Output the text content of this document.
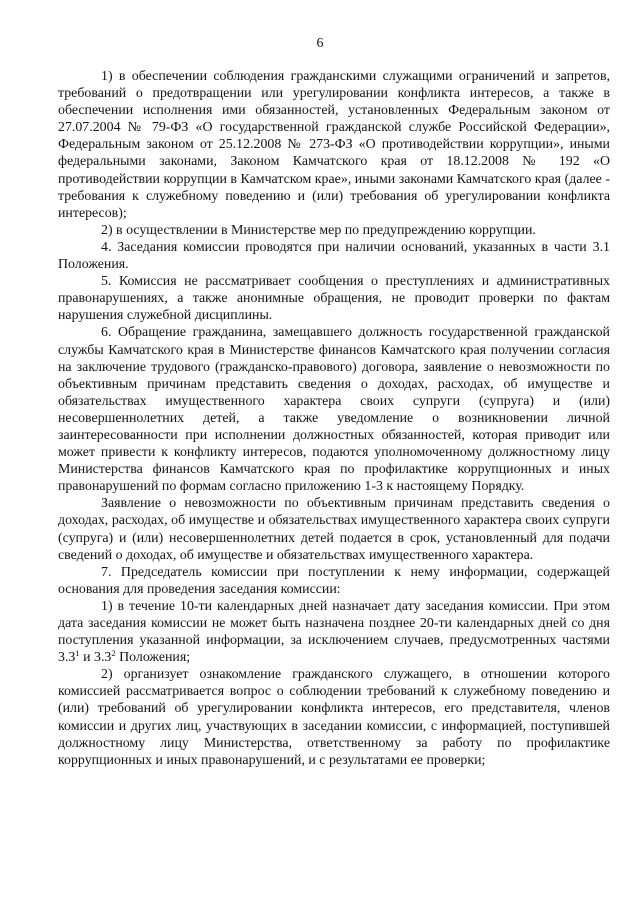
6

1) в обеспечении соблюдения гражданскими служащими ограничений и запретов, требований о предотвращении или урегулировании конфликта интересов, а также в обеспечении исполнения ими обязанностей, установленных Федеральным законом от 27.07.2004 № 79-ФЗ «О государственной гражданской службе Российской Федерации», Федеральным законом от 25.12.2008 № 273-ФЗ «О противодействии коррупции», иными федеральными законами, Законом Камчатского края от 18.12.2008 № 192 «О противодействии коррупции в Камчатском крае», иными законами Камчатского края (далее - требования к служебному поведению и (или) требования об урегулировании конфликта интересов);

2) в осуществлении в Министерстве мер по предупреждению коррупции.

4. Заседания комиссии проводятся при наличии оснований, указанных в части 3.1 Положения.

5. Комиссия не рассматривает сообщения о преступлениях и административных правонарушениях, а также анонимные обращения, не проводит проверки по фактам нарушения служебной дисциплины.

6. Обращение гражданина, замещавшего должность государственной гражданской службы Камчатского края в Министерстве финансов Камчатского края получении согласия на заключение трудового (гражданско-правового) договора, заявление о невозможности по объективным причинам представить сведения о доходах, расходах, об имуществе и обязательствах имущественного характера своих супруги (супруга) и (или) несовершеннолетних детей, а также уведомление о возникновении личной заинтересованности при исполнении должностных обязанностей, которая приводит или может привести к конфликту интересов, подаются уполномоченному должностному лицу Министерства финансов Камчатского края по профилактике коррупционных и иных правонарушений по формам согласно приложению 1-3 к настоящему Порядку.

Заявление о невозможности по объективным причинам представить сведения о доходах, расходах, об имуществе и обязательствах имущественного характера своих супруги (супруга) и (или) несовершеннолетних детей подается в срок, установленный для подачи сведений о доходах, об имуществе и обязательствах имущественного характера.

7. Председатель комиссии при поступлении к нему информации, содержащей основания для проведения заседания комиссии:

1) в течение 10-ти календарных дней назначает дату заседания комиссии. При этом дата заседания комиссии не может быть назначена позднее 20-ти календарных дней со дня поступления указанной информации, за исключением случаев, предусмотренных частями $3.3^1$ и $3.3^2$ Положения;

2) организует ознакомление гражданского служащего, в отношении которого комиссией рассматривается вопрос о соблюдении требований к служебному поведению и (или) требований об урегулировании конфликта интересов, его представителя, членов комиссии и других лиц, участвующих в заседании комиссии, с информацией, поступившей должностному лицу Министерства, ответственному за работу по профилактике коррупционных и иных правонарушений, и с результатами ее проверки;
